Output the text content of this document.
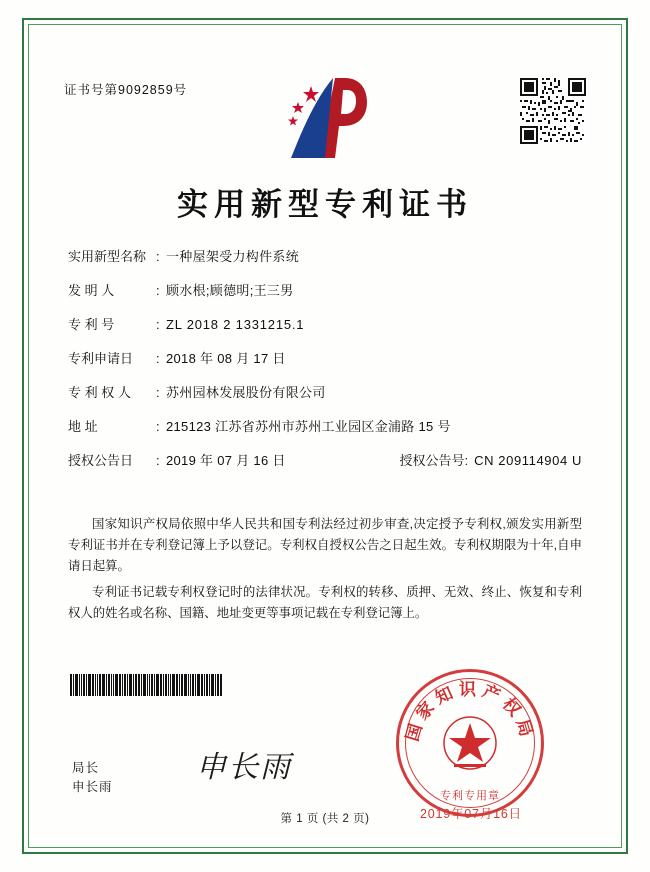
证书号第9092859号
实用新型专利证书
实用新型名称 : 一种屋架受力构件系统
发 明 人	: 顾水根;顾德明;王三男
专 利 号	: ZL 2018 2 1331215.1
专利申请日	: 2018 年 08 月 17 日
专 利 权 人	: 苏州园林发展股份有限公司
地 址	: 215123 江苏省苏州市苏州工业园区金浦路 15 号
授权公告日	: 2019 年 07 月 16 日	授权公告号: CN 209114904 U

国家知识产权局依照中华人民共和国专利法经过初步审查,决定授予专利权,颁发实用新型专利证书并在专利登记簿上予以登记。专利权自授权公告之日起生效。专利权期限为十年,自申请日起算。

专利证书记载专利权登记时的法律状况。专利权的转移、质押、无效、终止、恢复和专利权人的姓名或名称、国籍、地址变更等事项记载在专利登记簿上。

国家知识产权局
专利专用章
2019年07月16日
局长
申长雨
申长雨
第 1 页 (共 2 页)
